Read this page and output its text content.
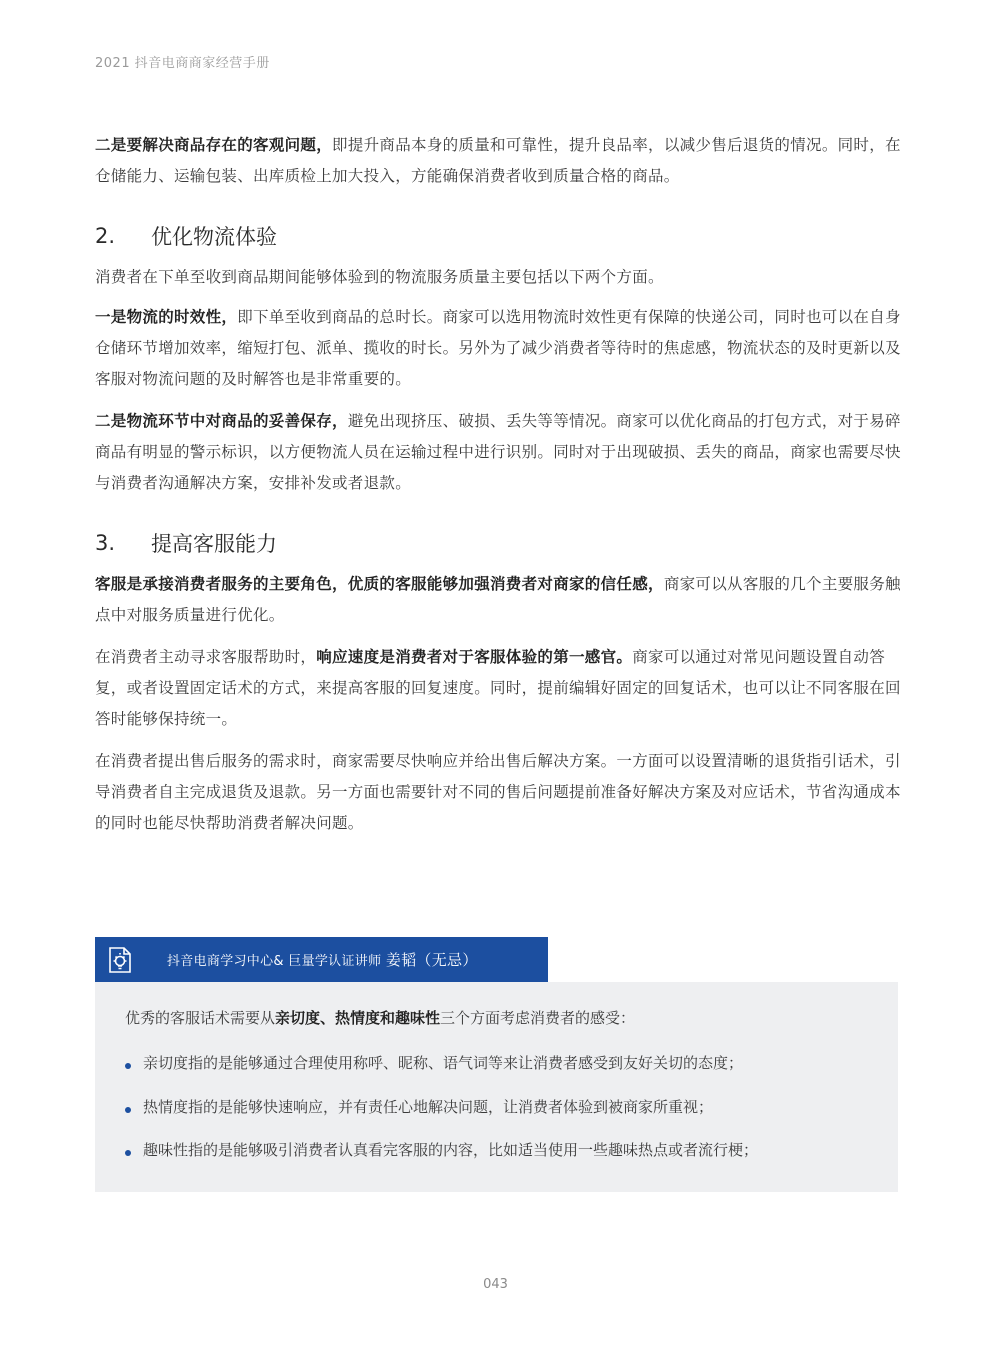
2021 抖音电商商家经营手册

二是要解决商品存在的客观问题，即提升商品本身的质量和可靠性，提升良品率，以减少售后退货的情况。同时，在仓储能力、运输包装、出库质检上加大投入，方能确保消费者收到质量合格的商品。

2.	优化物流体验

消费者在下单至收到商品期间能够体验到的物流服务质量主要包括以下两个方面。

一是物流的时效性，即下单至收到商品的总时长。商家可以选用物流时效性更有保障的快递公司，同时也可以在自身仓储环节增加效率，缩短打包、派单、揽收的时长。另外为了减少消费者等待时的焦虑感，物流状态的及时更新以及客服对物流问题的及时解答也是非常重要的。

二是物流环节中对商品的妥善保存，避免出现挤压、破损、丢失等等情况。商家可以优化商品的打包方式，对于易碎商品有明显的警示标识，以方便物流人员在运输过程中进行识别。同时对于出现破损、丢失的商品，商家也需要尽快与消费者沟通解决方案，安排补发或者退款。

3.	提高客服能力

客服是承接消费者服务的主要角色，优质的客服能够加强消费者对商家的信任感，商家可以从客服的几个主要服务触点中对服务质量进行优化。

在消费者主动寻求客服帮助时，响应速度是消费者对于客服体验的第一感官。商家可以通过对常见问题设置自动答复，或者设置固定话术的方式，来提高客服的回复速度。同时，提前编辑好固定的回复话术，也可以让不同客服在回答时能够保持统一。

在消费者提出售后服务的需求时，商家需要尽快响应并给出售后解决方案。一方面可以设置清晰的退货指引话术，引导消费者自主完成退货及退款。另一方面也需要针对不同的售后问题提前准备好解决方案及对应话术，节省沟通成本的同时也能尽快帮助消费者解决问题。

抖音电商学习中心& 巨量学认证讲师 姜韬（无忌）
优秀的客服话术需要从亲切度、热情度和趣味性三个方面考虑消费者的感受：
亲切度指的是能够通过合理使用称呼、昵称、语气词等来让消费者感受到友好关切的态度；
热情度指的是能够快速响应，并有责任心地解决问题，让消费者体验到被商家所重视；
趣味性指的是能够吸引消费者认真看完客服的内容，比如适当使用一些趣味热点或者流行梗；
043
